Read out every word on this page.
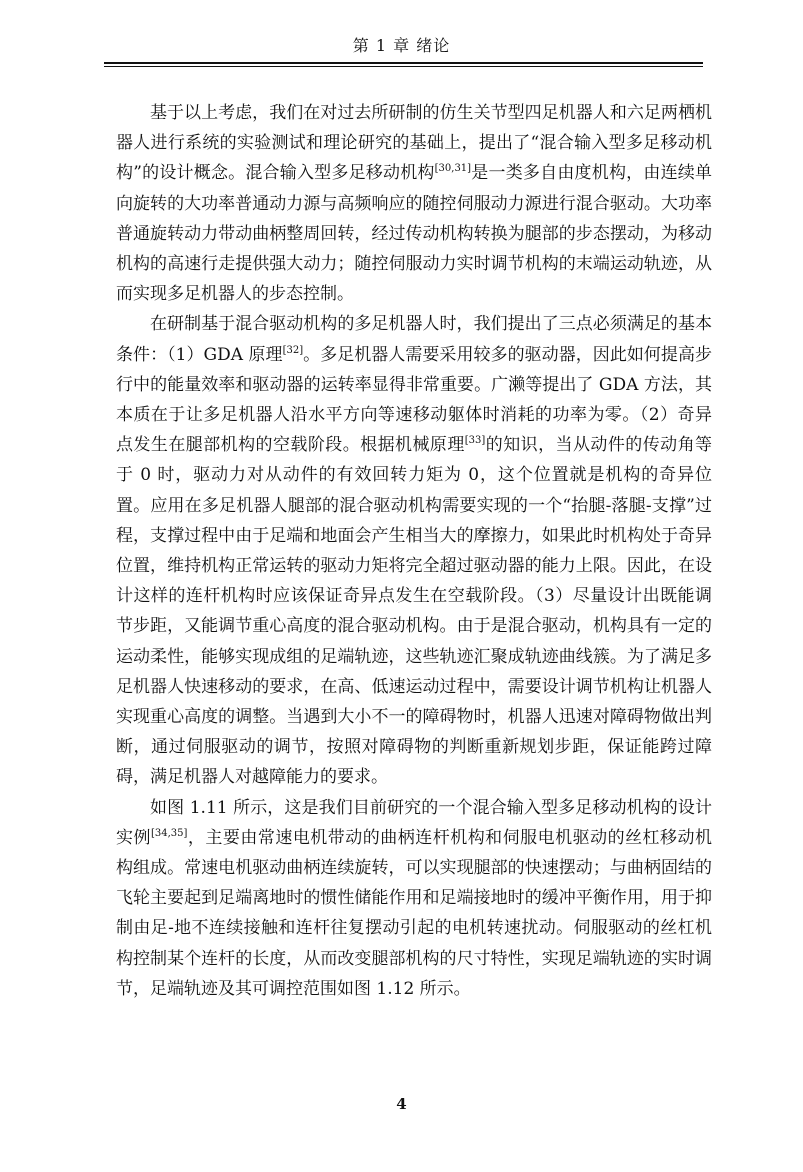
第 1 章 绪论

基于以上考虑，我们在对过去所研制的仿生关节型四足机器人和六足两栖机器人进行系统的实验测试和理论研究的基础上，提出了“混合输入型多足移动机构”的设计概念。混合输入型多足移动机构[30,31]是一类多自由度机构，由连续单向旋转的大功率普通动力源与高频响应的随控伺服动力源进行混合驱动。大功率普通旋转动力带动曲柄整周回转，经过传动机构转换为腿部的步态摆动，为移动机构的高速行走提供强大动力；随控伺服动力实时调节机构的末端运动轨迹，从而实现多足机器人的步态控制。

在研制基于混合驱动机构的多足机器人时，我们提出了三点必须满足的基本条件：（1）GDA 原理[32]。多足机器人需要采用较多的驱动器，因此如何提高步行中的能量效率和驱动器的运转率显得非常重要。广濑等提出了 GDA 方法，其本质在于让多足机器人沿水平方向等速移动躯体时消耗的功率为零。（2）奇异点发生在腿部机构的空载阶段。根据机械原理[33]的知识，当从动件的传动角等于 0 时，驱动力对从动件的有效回转力矩为 0，这个位置就是机构的奇异位置。应用在多足机器人腿部的混合驱动机构需要实现的一个“抬腿-落腿-支撑”过程，支撑过程中由于足端和地面会产生相当大的摩擦力，如果此时机构处于奇异位置，维持机构正常运转的驱动力矩将完全超过驱动器的能力上限。因此，在设计这样的连杆机构时应该保证奇异点发生在空载阶段。（3）尽量设计出既能调节步距，又能调节重心高度的混合驱动机构。由于是混合驱动，机构具有一定的运动柔性，能够实现成组的足端轨迹，这些轨迹汇聚成轨迹曲线簇。为了满足多足机器人快速移动的要求，在高、低速运动过程中，需要设计调节机构让机器人实现重心高度的调整。当遇到大小不一的障碍物时，机器人迅速对障碍物做出判断，通过伺服驱动的调节，按照对障碍物的判断重新规划步距，保证能跨过障碍，满足机器人对越障能力的要求。

如图 1.11 所示，这是我们目前研究的一个混合输入型多足移动机构的设计实例[34,35]，主要由常速电机带动的曲柄连杆机构和伺服电机驱动的丝杠移动机构组成。常速电机驱动曲柄连续旋转，可以实现腿部的快速摆动；与曲柄固结的飞轮主要起到足端离地时的惯性储能作用和足端接地时的缓冲平衡作用，用于抑制由足-地不连续接触和连杆往复摆动引起的电机转速扰动。伺服驱动的丝杠机构控制某个连杆的长度，从而改变腿部机构的尺寸特性，实现足端轨迹的实时调节，足端轨迹及其可调控范围如图 1.12 所示。

4
